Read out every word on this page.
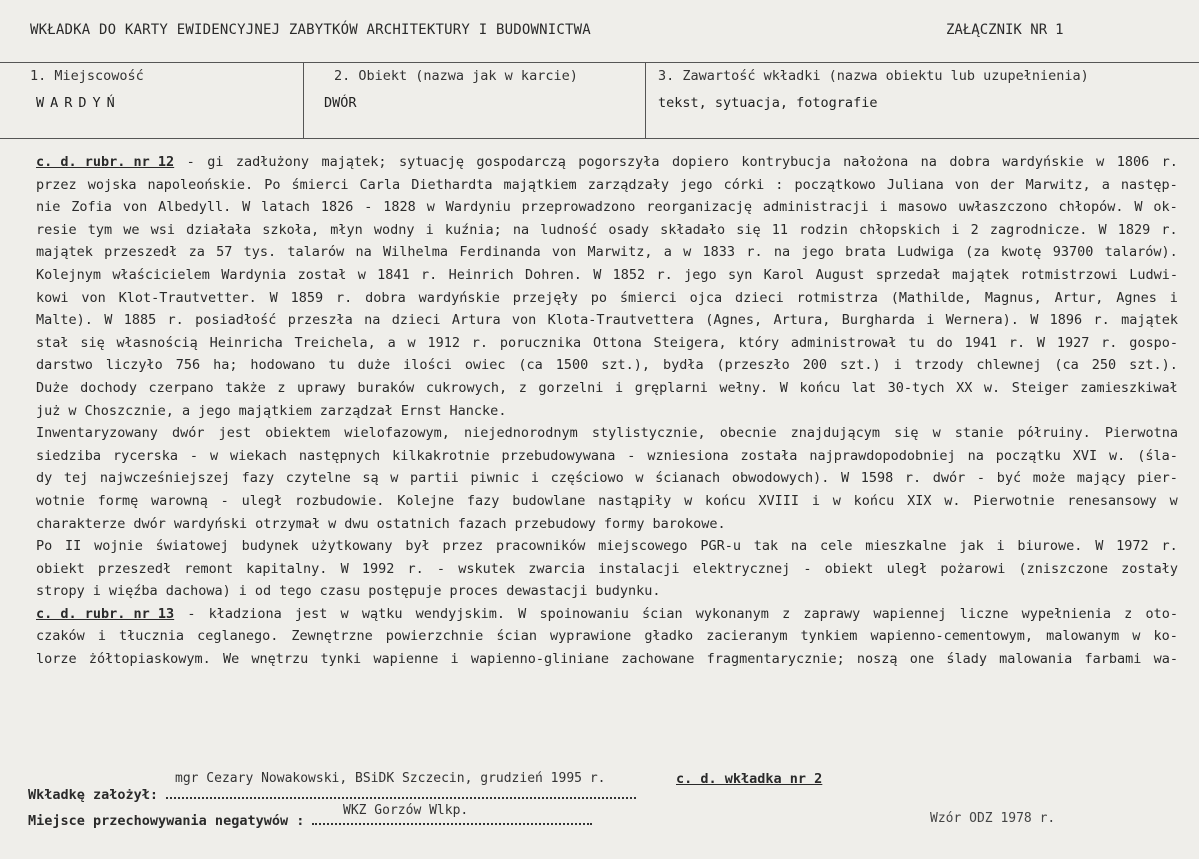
WKŁADKA DO KARTY EWIDENCYJNEJ ZABYTKÓW ARCHITEKTURY I BUDOWNICTWA	ZAŁĄCZNIK NR 1
1. Miejscowość
WARDYŃ
2. Obiekt (nazwa jak w karcie)
DWÓR
3. Zawartość wkładki (nazwa obiektu lub uzupełnienia)
tekst, sytuacja, fotografie
c. d. rubr. nr 12 - gi zadłużony majątek; sytuację gospodarczą pogorszyła dopiero kontrybucja nałożona na dobra wardyńskie w 1806 r.
przez wojska napoleońskie. Po śmierci Carla Diethardta majątkiem zarządzały jego córki : początkowo Juliana von der Marwitz, a następ-
nie Zofia von Albedyll. W latach 1826 - 1828 w Wardyniu przeprowadzono reorganizację administracji i masowo uwłaszczono chłopów. W ok-
resie tym we wsi działała szkoła, młyn wodny i kuźnia; na ludność osady składało się 11 rodzin chłopskich i 2 zagrodnicze. W 1829 r.
majątek przeszedł za 57 tys. talarów na Wilhelma Ferdinanda von Marwitz, a w 1833 r. na jego brata Ludwiga (za kwotę 93700 talarów).
Kolejnym właścicielem Wardynia został w 1841 r. Heinrich Dohren. W 1852 r. jego syn Karol August sprzedał majątek rotmistrzowi Ludwi-
kowi von Klot-Trautvetter. W 1859 r. dobra wardyńskie przejęły po śmierci ojca dzieci rotmistrza (Mathilde, Magnus, Artur, Agnes i
Malte). W 1885 r. posiadłość przeszła na dzieci Artura von Klota-Trautvettera (Agnes, Artura, Burgharda i Wernera). W 1896 r. majątek
stał się własnością Heinricha Treichela, a w 1912 r. porucznika Ottona Steigera, który administrował tu do 1941 r. W 1927 r. gospo-
darstwo liczyło 756 ha; hodowano tu duże ilości owiec (ca 1500 szt.), bydła (przeszło 200 szt.) i trzody chlewnej (ca 250 szt.).
Duże dochody czerpano także z uprawy buraków cukrowych, z gorzelni i gręplarni wełny. W końcu lat 30-tych XX w. Steiger zamieszkiwał
już w Choszcznie, a jego majątkiem zarządzał Ernst Hancke.
Inwentaryzowany dwór jest obiektem wielofazowym, niejednorodnym stylistycznie, obecnie znajdującym się w stanie półruiny. Pierwotna
siedziba rycerska - w wiekach następnych kilkakrotnie przebudowywana - wzniesiona została najprawdopodobniej na początku XVI w. (śla-
dy tej najwcześniejszej fazy czytelne są w partii piwnic i częściowo w ścianach obwodowych). W 1598 r. dwór - być może mający pier-
wotnie formę warowną - uległ rozbudowie. Kolejne fazy budowlane nastąpiły w końcu XVIII i w końcu XIX w. Pierwotnie renesansowy w
charakterze dwór wardyński otrzymał w dwu ostatnich fazach przebudowy formy barokowe.
Po II wojnie światowej budynek użytkowany był przez pracowników miejscowego PGR-u tak na cele mieszkalne jak i biurowe. W 1972 r.
obiekt przeszedł remont kapitalny. W 1992 r. - wskutek zwarcia instalacji elektrycznej - obiekt uległ pożarowi (zniszczone zostały
stropy i więźba dachowa) i od tego czasu postępuje proces dewastacji budynku.
c. d. rubr. nr 13 - kładziona jest w wątku wendyjskim. W spoinowaniu ścian wykonanym z zaprawy wapiennej liczne wypełnienia z oto-
czaków i tłucznia ceglanego. Zewnętrzne powierzchnie ścian wyprawione gładko zacieranym tynkiem wapienno-cementowym, malowanym w ko-
lorze żółtopiaskowym. We wnętrzu tynki wapienne i wapienno-gliniane zachowane fragmentarycznie; noszą one ślady malowania farbami wa-
Wkładkę założył:
mgr Cezary Nowakowski, BSiDK Szczecin, grudzień 1995 r.	c. d. wkładka nr 2
Miejsce przechowywania negatywów :
WKZ Gorzów Wlkp.
Wzór ODZ 1978 r.
